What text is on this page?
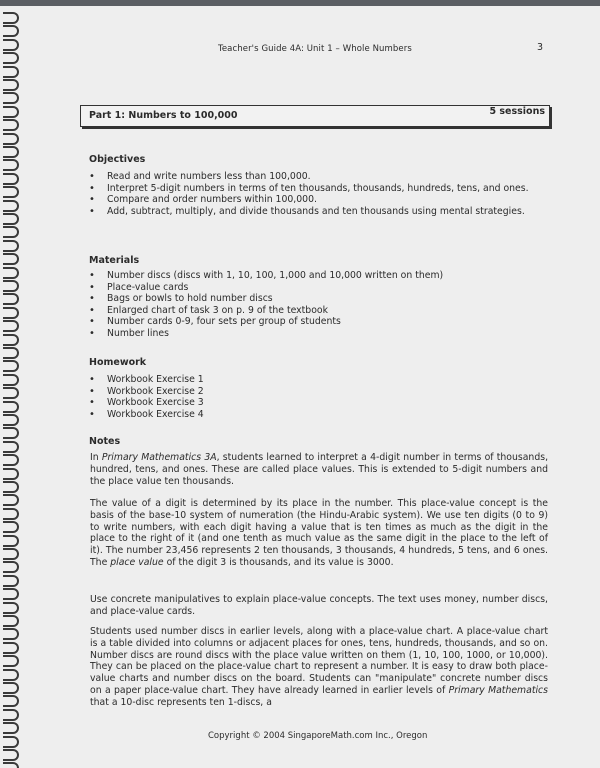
Teacher's Guide 4A: Unit 1 – Whole Numbers	3
Part 1: Numbers to 100,000	5 sessions
Objectives
• Read and write numbers less than 100,000.
• Interpret 5-digit numbers in terms of ten thousands, thousands, hundreds, tens, and ones.
• Compare and order numbers within 100,000.
• Add, subtract, multiply, and divide thousands and ten thousands using mental strategies.
Materials
• Number discs (discs with 1, 10, 100, 1,000 and 10,000 written on them)
• Place-value cards
• Bags or bowls to hold number discs
• Enlarged chart of task 3 on p. 9 of the textbook
• Number cards 0-9, four sets per group of students
• Number lines
Homework
• Workbook Exercise 1
• Workbook Exercise 2
• Workbook Exercise 3
• Workbook Exercise 4
Notes

In Primary Mathematics 3A, students learned to interpret a 4-digit number in terms of thousands, hundred, tens, and ones. These are called place values. This is extended to 5-digit numbers and the place value ten thousands.

The value of a digit is determined by its place in the number. This place-value concept is the basis of the base-10 system of numeration (the Hindu-Arabic system). We use ten digits (0 to 9) to write numbers, with each digit having a value that is ten times as much as the digit in the place to the right of it (and one tenth as much value as the same digit in the place to the left of it). The number 23,456 represents 2 ten thousands, 3 thousands, 4 hundreds, 5 tens, and 6 ones. The place value of the digit 3 is thousands, and its value is 3000.

Use concrete manipulatives to explain place-value concepts. The text uses money, number discs, and place-value cards.

Students used number discs in earlier levels, along with a place-value chart. A place-value chart is a table divided into columns or adjacent places for ones, tens, hundreds, thousands, and so on. Number discs are round discs with the place value written on them (1, 10, 100, 1000, or 10,000). They can be placed on the place-value chart to represent a number. It is easy to draw both place-value charts and number discs on the board. Students can "manipulate" concrete number discs on a paper place-value chart. They have already learned in earlier levels of Primary Mathematics that a 10-disc represents ten 1-discs, a

Copyright © 2004 SingaporeMath.com Inc., Oregon
